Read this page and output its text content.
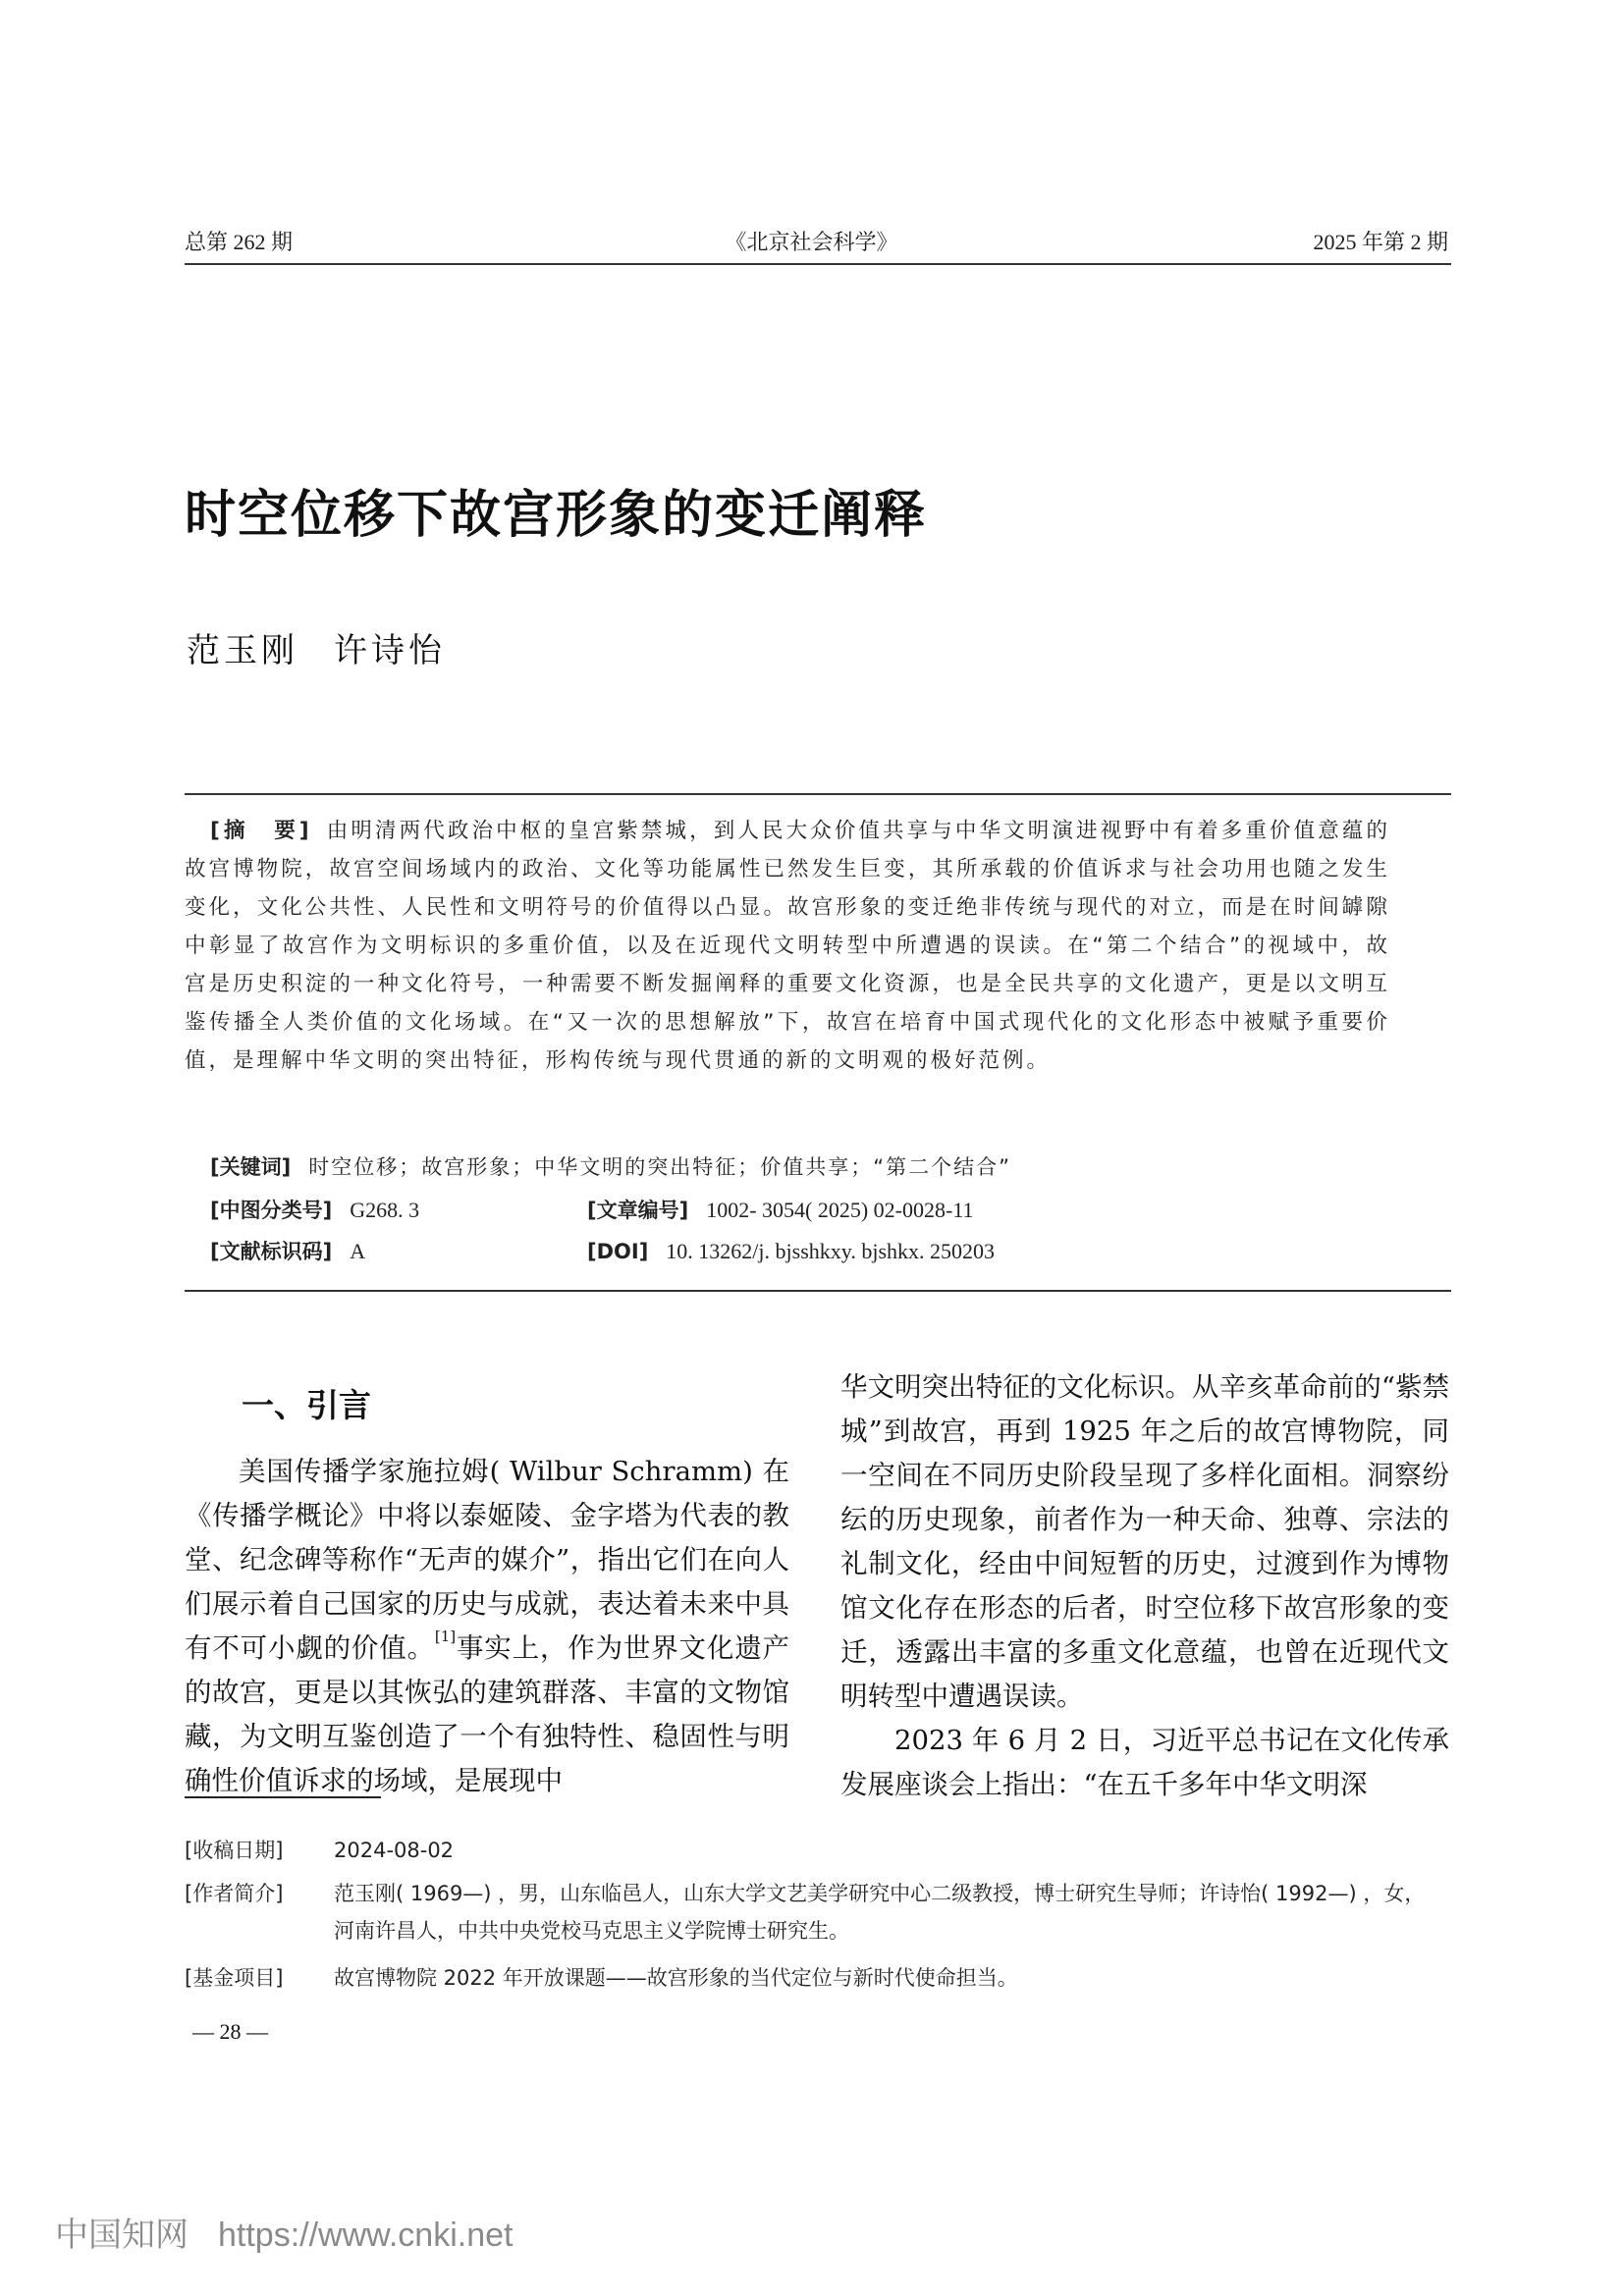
总第 262 期	《北京社会科学》	2025 年第 2 期
时空位移下故宫形象的变迁阐释
范玉刚 许诗怡
[摘　要] 由明清两代政治中枢的皇宫紫禁城，到人民大众价值共享与中华文明演进视野中有着多重价值意蕴的故宫博物院，故宫空间场域内的政治、文化等功能属性已然发生巨变，其所承载的价值诉求与社会功用也随之发生变化，文化公共性、人民性和文明符号的价值得以凸显。故宫形象的变迁绝非传统与现代的对立，而是在时间罅隙中彰显了故宫作为文明标识的多重价值，以及在近现代文明转型中所遭遇的误读。在“第二个结合”的视域中，故宫是历史积淀的一种文化符号，一种需要不断发掘阐释的重要文化资源，也是全民共享的文化遗产，更是以文明互鉴传播全人类价值的文化场域。在“又一次的思想解放”下，故宫在培育中国式现代化的文化形态中被赋予重要价值，是理解中华文明的突出特征，形构传统与现代贯通的新的文明观的极好范例。
[关键词] 时空位移；故宫形象；中华文明的突出特征；价值共享；“第二个结合”
[中图分类号] G268. 3	[文章编号] 1002- 3054( 2025) 02-0028-11
[文献标识码] A	[DOI] 10. 13262/j. bjsshkxy. bjshkx. 250203
一、引言

美国传播学家施拉姆( Wilbur Schramm) 在《传播学概论》中将以泰姬陵、金字塔为代表的教堂、纪念碑等称作“无声的媒介”，指出它们在向人们展示着自己国家的历史与成就，表达着未来中具有不可小觑的价值。[1]事实上，作为世界文化遗产的故宫，更是以其恢弘的建筑群落、丰富的文物馆藏，为文明互鉴创造了一个有独特性、稳固性与明确性价值诉求的场域，是展现中

华文明突出特征的文化标识。从辛亥革命前的“紫禁城”到故宫，再到 1925 年之后的故宫博物院，同一空间在不同历史阶段呈现了多样化面相。洞察纷纭的历史现象，前者作为一种天命、独尊、宗法的礼制文化，经由中间短暂的历史，过渡到作为博物馆文化存在形态的后者，时空位移下故宫形象的变迁，透露出丰富的多重文化意蕴，也曾在近现代文明转型中遭遇误读。

2023 年 6 月 2 日，习近平总书记在文化传承发展座谈会上指出：“在五千多年中华文明深

[收稿日期]	2024-08-02
[作者简介]	范玉刚( 1969—) ，男，山东临邑人，山东大学文艺美学研究中心二级教授，博士研究生导师；许诗怡( 1992—) ，女，河南许昌人，中共中央党校马克思主义学院博士研究生。
[基金项目]	故宫博物院 2022 年开放课题——故宫形象的当代定位与新时代使命担当。
— 28 —
中国知网 https://www.cnki.net
